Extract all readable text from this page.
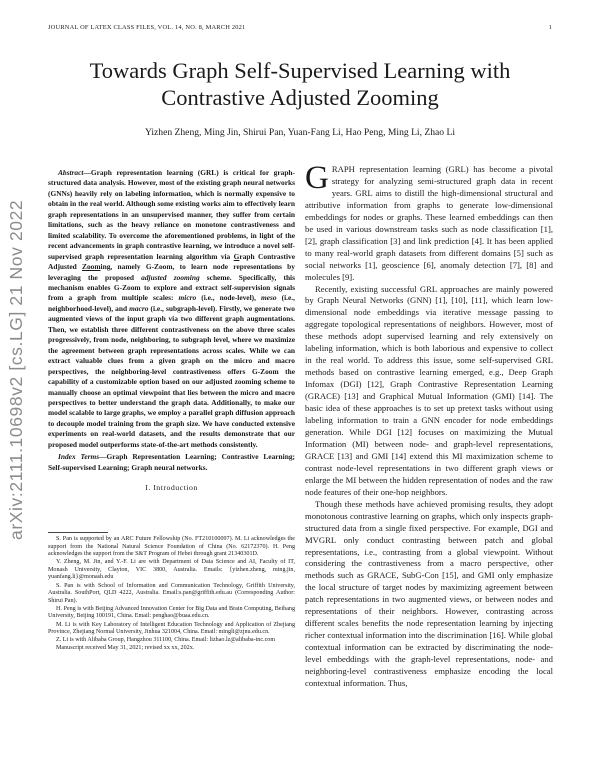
JOURNAL OF LATEX CLASS FILES, VOL. 14, NO. 8, MARCH 2021	1
arXiv:2111.10698v2 [cs.LG] 21 Nov 2022
Towards Graph Self-Supervised Learning with Contrastive Adjusted Zooming
Yizhen Zheng, Ming Jin, Shirui Pan, Yuan-Fang Li, Hao Peng, Ming Li, Zhao Li
Abstract—Graph representation learning (GRL) is critical for graph-structured data analysis. However, most of the existing graph neural networks (GNNs) heavily rely on labeling information, which is normally expensive to obtain in the real world. Although some existing works aim to effectively learn graph representations in an unsupervised manner, they suffer from certain limitations, such as the heavy reliance on monotone contrastiveness and limited scalability. To overcome the aforementioned problems, in light of the recent advancements in graph contrastive learning, we introduce a novel self-supervised graph representation learning algorithm via Graph Contrastive Adjusted Zooming, namely G-Zoom, to learn node representations by leveraging the proposed adjusted zooming scheme. Specifically, this mechanism enables G-Zoom to explore and extract self-supervision signals from a graph from multiple scales: micro (i.e., node-level), meso (i.e., neighborhood-level), and macro (i.e., subgraph-level). Firstly, we generate two augmented views of the input graph via two different graph augmentations. Then, we establish three different contrastiveness on the above three scales progressively, from node, neighboring, to subgraph level, where we maximize the agreement between graph representations across scales. While we can extract valuable clues from a given graph on the micro and macro perspectives, the neighboring-level contrastiveness offers G-Zoom the capability of a customizable option based on our adjusted zooming scheme to manually choose an optimal viewpoint that lies between the micro and macro perspectives to better understand the graph data. Additionally, to make our model scalable to large graphs, we employ a parallel graph diffusion approach to decouple model training from the graph size. We have conducted extensive experiments on real-world datasets, and the results demonstrate that our proposed model outperforms state-of-the-art methods consistently.
Index Terms—Graph Representation Learning; Contrastive Learning; Self-supervised Learning; Graph neural networks.
I. Introduction

S. Pan is supported by an ARC Future Fellowship (No. FT210100097). M. Li acknowledges the support from the National Natural Science Foundation of China (No. 62172370). H. Peng acknowledges the support from the S&T Program of Hebei through grant 21340301D.

Y. Zheng, M. Jin, and Y.-F. Li are with Department of Data Science and AI, Faculty of IT, Monash University, Clayton, VIC 3800, Australia. Emails: {yizhen.zheng, ming.jin, yuanfang.li}@monash.edu

S. Pan is with School of Information and Communication Technology, Griffith University, Australia. SouthPort, QLD 4222, Australia. Email:s.pan@griffith.edu.au (Corresponding Author: Shirui Pan).

H. Peng is with Beijing Advanced Innovation Center for Big Data and Brain Computing, Beihang University, Beijing 100191, China. Email: penghao@buaa.edu.cn.

M. Li is with Key Laboratory of Intelligent Education Technology and Application of Zhejiang Province, Zhejiang Normal University, Jinhua 321004, China. Email: mingli@zjnu.edu.cn.

Z. Li is with Alibaba Group, Hangzhou 311100, China. Email: lizhao.lz@alibaba-inc.com

Manuscript received May 31, 2021; revised xx xx, 202x.

GRAPH representation learning (GRL) has become a pivotal strategy for analyzing semi-structured graph data in recent years. GRL aims to distill the high-dimensional structural and attributive information from graphs to generate low-dimensional embeddings for nodes or graphs. These learned embeddings can then be used in various downstream tasks such as node classification [1], [2], graph classification [3] and link prediction [4]. It has been applied to many real-world graph datasets from different domains [5] such as social networks [1], geoscience [6], anomaly detection [7], [8] and molecules [9].

Recently, existing successful GRL approaches are mainly powered by Graph Neural Networks (GNN) [1], [10], [11], which learn low-dimensional node embeddings via iterative message passing to aggregate topological representations of neighbors. However, most of these methods adopt supervised learning and rely extensively on labeling information, which is both laborious and expensive to collect in the real world. To address this issue, some self-supervised GRL methods based on contrastive learning emerged, e.g., Deep Graph Infomax (DGI) [12], Graph Contrastive Representation Learning (GRACE) [13] and Graphical Mutual Information (GMI) [14]. The basic idea of these approaches is to set up pretext tasks without using labeling information to train a GNN encoder for node embeddings generation. While DGI [12] focuses on maximizing the Mutual Information (MI) between node- and graph-level representations, GRACE [13] and GMI [14] extend this MI maximization scheme to contrast node-level representations in two different graph views or enlarge the MI between the hidden representation of nodes and the raw node features of their one-hop neighbors.

Though these methods have achieved promising results, they adopt monotonous contrastive learning on graphs, which only inspects graph-structured data from a single fixed perspective. For example, DGI and MVGRL only conduct contrasting between patch and global representations, i.e., contrasting from a global viewpoint. Without considering the contrastiveness from a macro perspective, other methods such as GRACE, SubG-Con [15], and GMI only emphasize the local structure of target nodes by maximizing agreement between patch representations in two augmented views, or between nodes and representations of their neighbors. However, contrasting across different scales benefits the node representation learning by injecting richer contextual information into the discrimination [16]. While global contextual information can be extracted by discriminating the node-level embeddings with the graph-level representations, node- and neighboring-level contrastiveness emphasize encoding the local contextual information. Thus,
